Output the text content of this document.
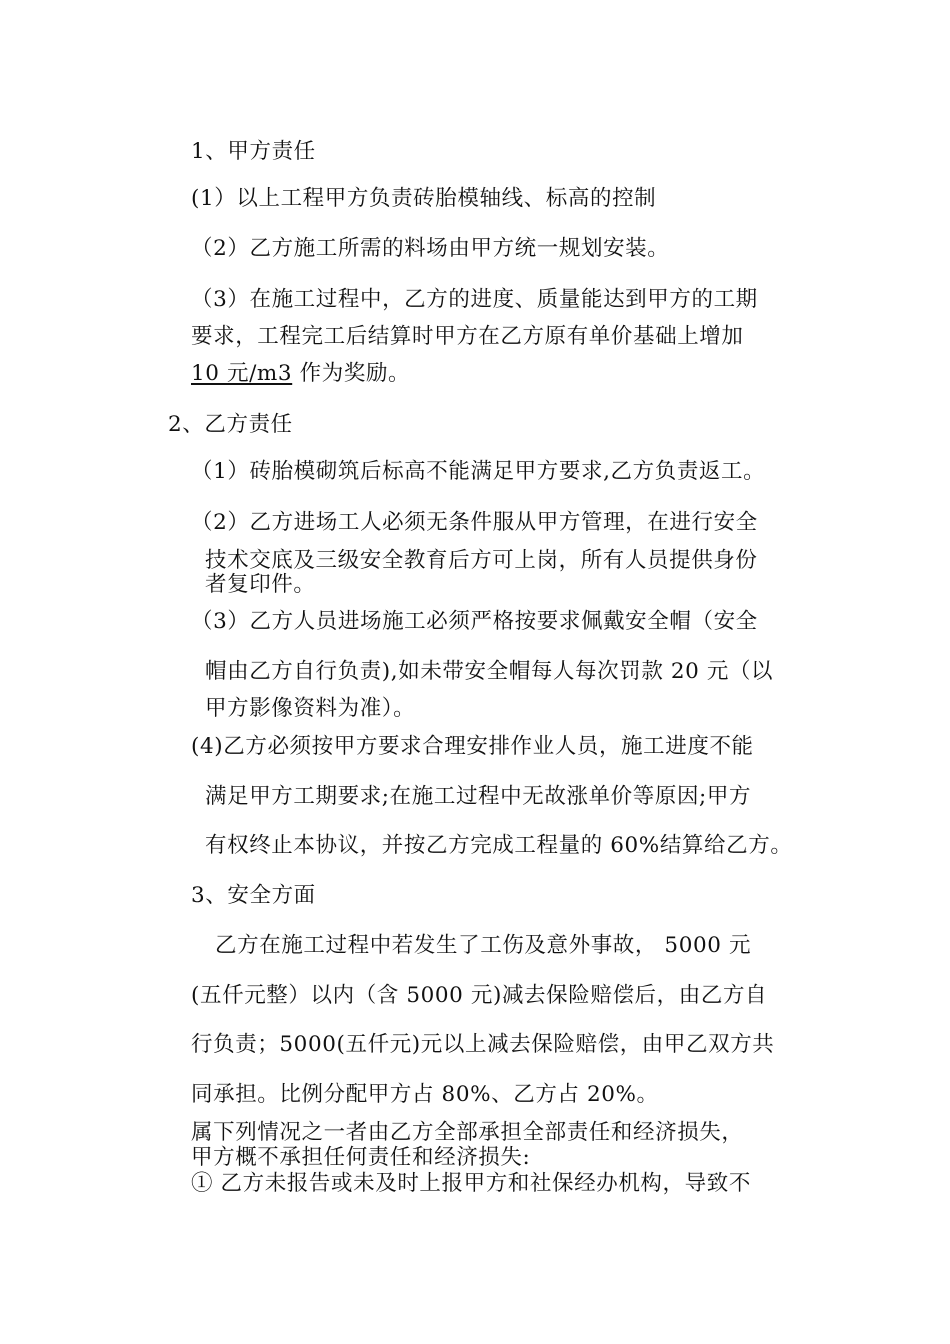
1、甲方责任
(1）以上工程甲方负责砖胎模轴线、标高的控制
（2）乙方施工所需的料场由甲方统一规划安装。
（3）在施工过程中，乙方的进度、质量能达到甲方的工期
要求，工程完工后结算时甲方在乙方原有单价基础上增加
10 元/m3 作为奖励。
2、乙方责任
（1）砖胎模砌筑后标高不能满足甲方要求,乙方负责返工。
（2）乙方进场工人必须无条件服从甲方管理，在进行安全
技术交底及三级安全教育后方可上岗，所有人员提供身份
者复印件。
（3）乙方人员进场施工必须严格按要求佩戴安全帽（安全
帽由乙方自行负责),如未带安全帽每人每次罚款 20 元（以
甲方影像资料为准）。
(4)乙方必须按甲方要求合理安排作业人员，施工进度不能
满足甲方工期要求;在施工过程中无故涨单价等原因;甲方
有权终止本协议，并按乙方完成工程量的 60%结算给乙方。
3、安全方面
乙方在施工过程中若发生了工伤及意外事故， 5000 元
(五仟元整）以内（含 5000 元)减去保险赔偿后，由乙方自
行负责；5000(五仟元)元以上减去保险赔偿，由甲乙双方共
同承担。比例分配甲方占 80%、乙方占 20%。
属下列情况之一者由乙方全部承担全部责任和经济损失，
甲方概不承担任何责任和经济损失:
① 乙方未报告或未及时上报甲方和社保经办机构，导致不
